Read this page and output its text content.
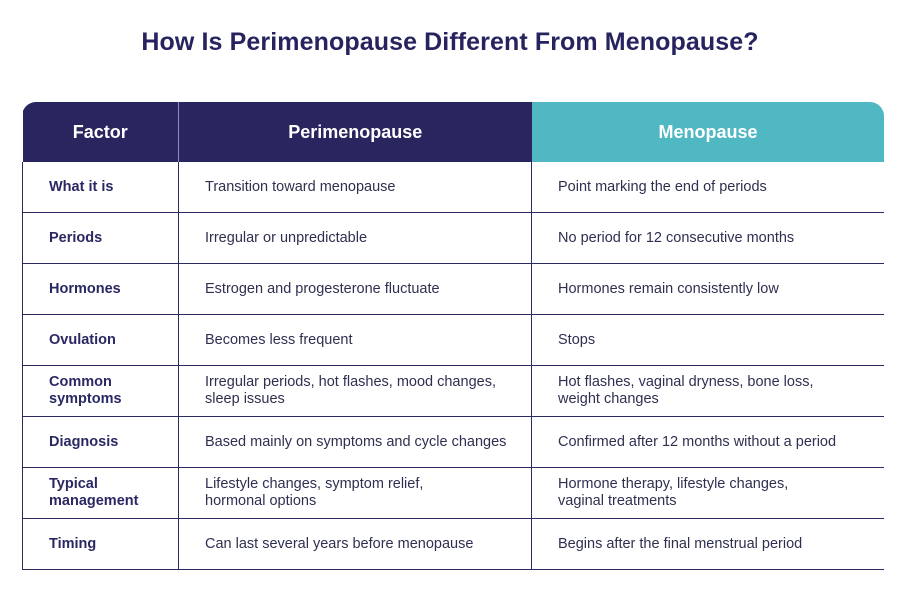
How Is Perimenopause Different From Menopause?
Factor	Perimenopause	Menopause
What it is	Transition toward menopause	Point marking the end of periods
Periods	Irregular or unpredictable	No period for 12 consecutive months
Hormones	Estrogen and progesterone fluctuate	Hormones remain consistently low
Ovulation	Becomes less frequent	Stops
Common symptoms	Irregular periods, hot flashes, mood changes, sleep issues	Hot flashes, vaginal dryness, bone loss, weight changes
Diagnosis	Based mainly on symptoms and cycle changes	Confirmed after 12 months without a period
Typical management	Lifestyle changes, symptom relief, hormonal options	Hormone therapy, lifestyle changes, vaginal treatments
Timing	Can last several years before menopause	Begins after the final menstrual period
